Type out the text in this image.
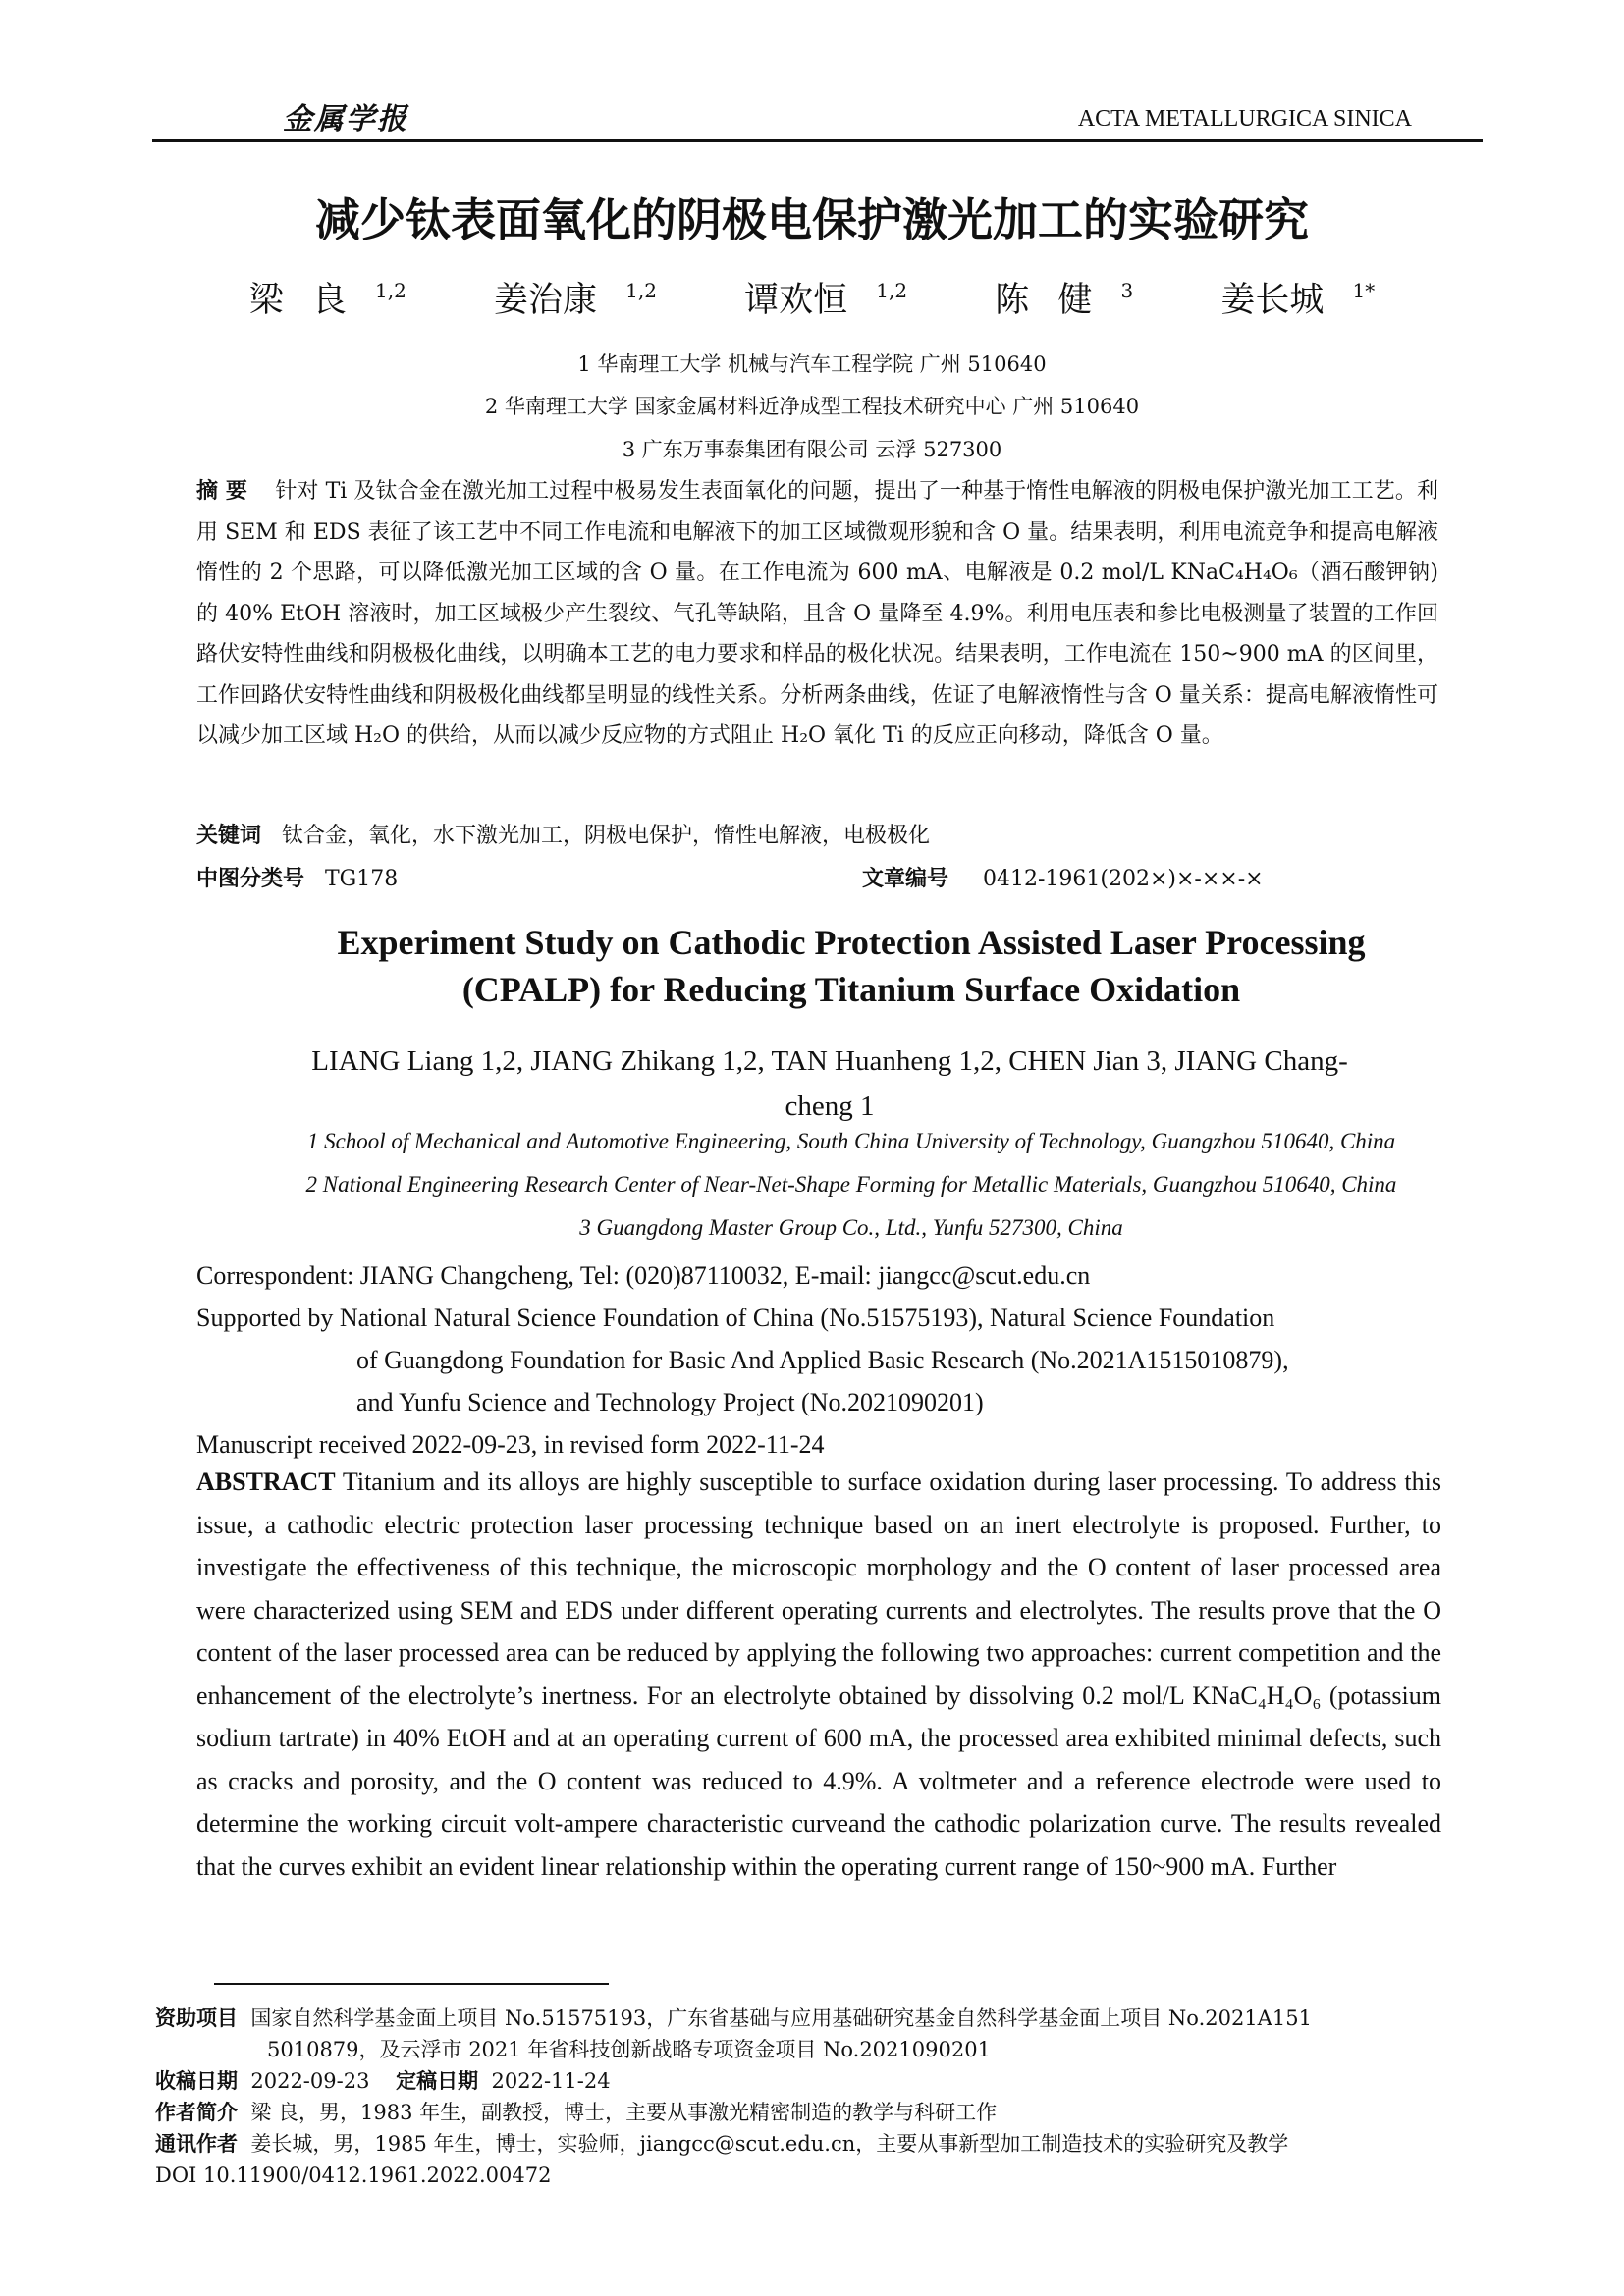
金属学报	ACTA METALLURGICA SINICA
减少钛表面氧化的阴极电保护激光加工的实验研究
梁 良 $^{1,2}$	姜治康 $^{1,2}$	谭欢恒 $^{1,2}$	陈 健 $^3$	姜长城 $^{1*}$
1 华南理工大学 机械与汽车工程学院 广州 510640
2 华南理工大学 国家金属材料近净成型工程技术研究中心 广州 510640
3 广东万事泰集团有限公司 云浮 527300
摘 要 针对 Ti 及钛合金在激光加工过程中极易发生表面氧化的问题，提出了一种基于惰性电解液的阴极电保护激光加工工艺。利用 SEM 和 EDS 表征了该工艺中不同工作电流和电解液下的加工区域微观形貌和含 O 量。结果表明，利用电流竞争和提高电解液惰性的 2 个思路，可以降低激光加工区域的含 O 量。在工作电流为 600 mA、电解液是 0.2 mol/L KNaC₄H₄O₆（酒石酸钾钠)的 40% EtOH 溶液时，加工区域极少产生裂纹、气孔等缺陷，且含 O 量降至 4.9%。利用电压表和参比电极测量了装置的工作回路伏安特性曲线和阴极极化曲线，以明确本工艺的电力要求和样品的极化状况。结果表明，工作电流在 150~900 mA 的区间里，工作回路伏安特性曲线和阴极极化曲线都呈明显的线性关系。分析两条曲线，佐证了电解液惰性与含 O 量关系：提高电解液惰性可以减少加工区域 H₂O 的供给，从而以减少反应物的方式阻止 H₂O 氧化 Ti 的反应正向移动，降低含 O 量。
关键词 钛合金，氧化，水下激光加工，阴极电保护，惰性电解液，电极极化
中图分类号 TG178	文章编号 0412-1961(202×)×-××-×
Experiment Study on Cathodic Protection Assisted Laser Processing
(CPALP) for Reducing Titanium Surface Oxidation
LIANG Liang 1,2, JIANG Zhikang 1,2, TAN Huanheng 1,2, CHEN Jian 3, JIANG Chang-
cheng 1
1 School of Mechanical and Automotive Engineering, South China University of Technology, Guangzhou 510640, China
2 National Engineering Research Center of Near-Net-Shape Forming for Metallic Materials, Guangzhou 510640, China
3 Guangdong Master Group Co., Ltd., Yunfu 527300, China
Correspondent: JIANG Changcheng, Tel: (020)87110032, E-mail: jiangcc@scut.edu.cn
Supported by National Natural Science Foundation of China (No.51575193), Natural Science Foundation
of Guangdong Foundation for Basic And Applied Basic Research (No.2021A1515010879),
and Yunfu Science and Technology Project (No.2021090201)
Manuscript received 2022-09-23, in revised form 2022-11-24
ABSTRACT Titanium and its alloys are highly susceptible to surface oxidation during laser processing. To address this issue, a cathodic electric protection laser processing technique based on an inert electrolyte is proposed. Further, to investigate the effectiveness of this technique, the microscopic morphology and the O content of laser processed area were characterized using SEM and EDS under different operating currents and electrolytes. The results prove that the O content of the laser processed area can be reduced by applying the following two approaches: current competition and the enhancement of the electrolyte’s inertness. For an electrolyte obtained by dissolving 0.2 mol/L KNaC₄H₄O₆ (potassium sodium tartrate) in 40% EtOH and at an operating current of 600 mA, the processed area exhibited minimal defects, such as cracks and porosity, and the O content was reduced to 4.9%. A voltmeter and a reference electrode were used to determine the working circuit volt-ampere characteristic curveand the cathodic polarization curve. The results revealed that the curves exhibit an evident linear relationship within the operating current range of 150~900 mA. Further
资助项目 国家自然科学基金面上项目 No.51575193，广东省基础与应用基础研究基金自然科学基金面上项目 No.2021A151
5010879，及云浮市 2021 年省科技创新战略专项资金项目 No.2021090201
收稿日期 2022-09-23 定稿日期 2022-11-24
作者简介 梁 良，男，1983 年生，副教授，博士，主要从事激光精密制造的教学与科研工作
通讯作者 姜长城，男，1985 年生，博士，实验师，jiangcc@scut.edu.cn，主要从事新型加工制造技术的实验研究及教学
DOI 10.11900/0412.1961.2022.00472
